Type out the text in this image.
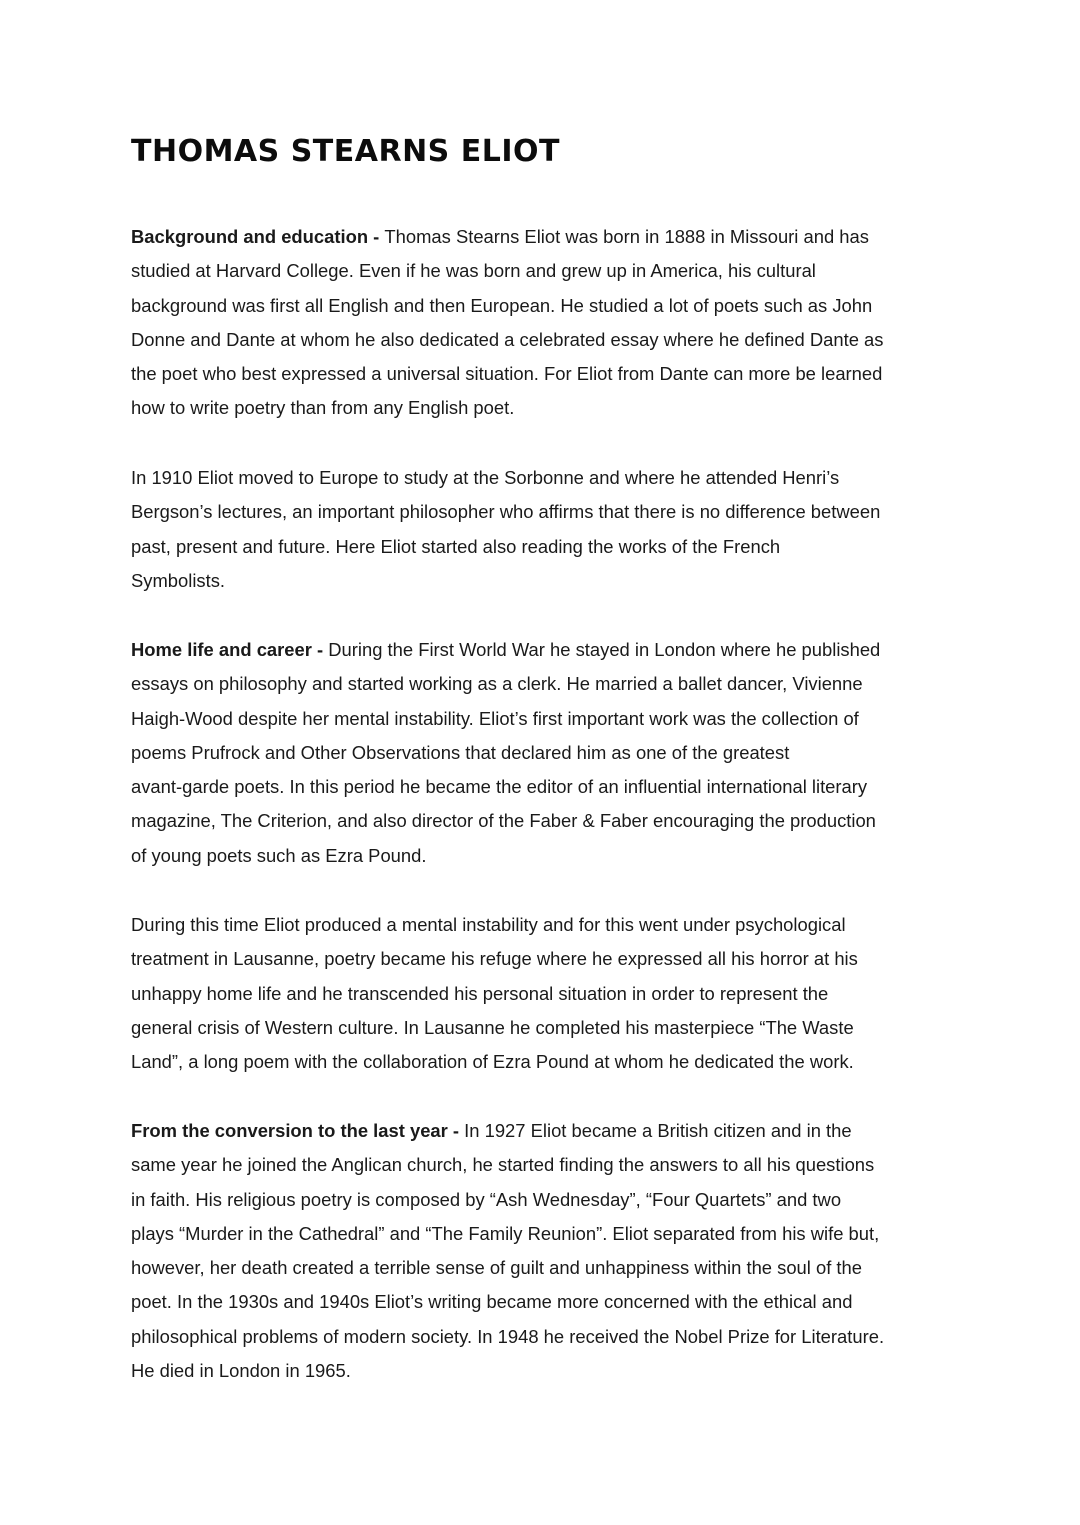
THOMAS STEARNS ELIOT

Background and education - Thomas Stearns Eliot was born in 1888 in Missouri and has
studied at Harvard College. Even if he was born and grew up in America, his cultural
background was first all English and then European. He studied a lot of poets such as John
Donne and Dante at whom he also dedicated a celebrated essay where he defined Dante as
the poet who best expressed a universal situation. For Eliot from Dante can more be learned
how to write poetry than from any English poet.

In 1910 Eliot moved to Europe to study at the Sorbonne and where he attended Henri’s
Bergson’s lectures, an important philosopher who affirms that there is no difference between
past, present and future. Here Eliot started also reading the works of the French
Symbolists.

Home life and career - During the First World War he stayed in London where he published
essays on philosophy and started working as a clerk. He married a ballet dancer, Vivienne
Haigh-Wood despite her mental instability. Eliot’s first important work was the collection of
poems Prufrock and Other Observations that declared him as one of the greatest
avant-garde poets. In this period he became the editor of an influential international literary
magazine, The Criterion, and also director of the Faber & Faber encouraging the production
of young poets such as Ezra Pound.

During this time Eliot produced a mental instability and for this went under psychological
treatment in Lausanne, poetry became his refuge where he expressed all his horror at his
unhappy home life and he transcended his personal situation in order to represent the
general crisis of Western culture. In Lausanne he completed his masterpiece “The Waste
Land”, a long poem with the collaboration of Ezra Pound at whom he dedicated the work.

From the conversion to the last year - In 1927 Eliot became a British citizen and in the
same year he joined the Anglican church, he started finding the answers to all his questions
in faith. His religious poetry is composed by “Ash Wednesday”, “Four Quartets” and two
plays “Murder in the Cathedral” and “The Family Reunion”. Eliot separated from his wife but,
however, her death created a terrible sense of guilt and unhappiness within the soul of the
poet. In the 1930s and 1940s Eliot’s writing became more concerned with the ethical and
philosophical problems of modern society. In 1948 he received the Nobel Prize for Literature.
He died in London in 1965.
